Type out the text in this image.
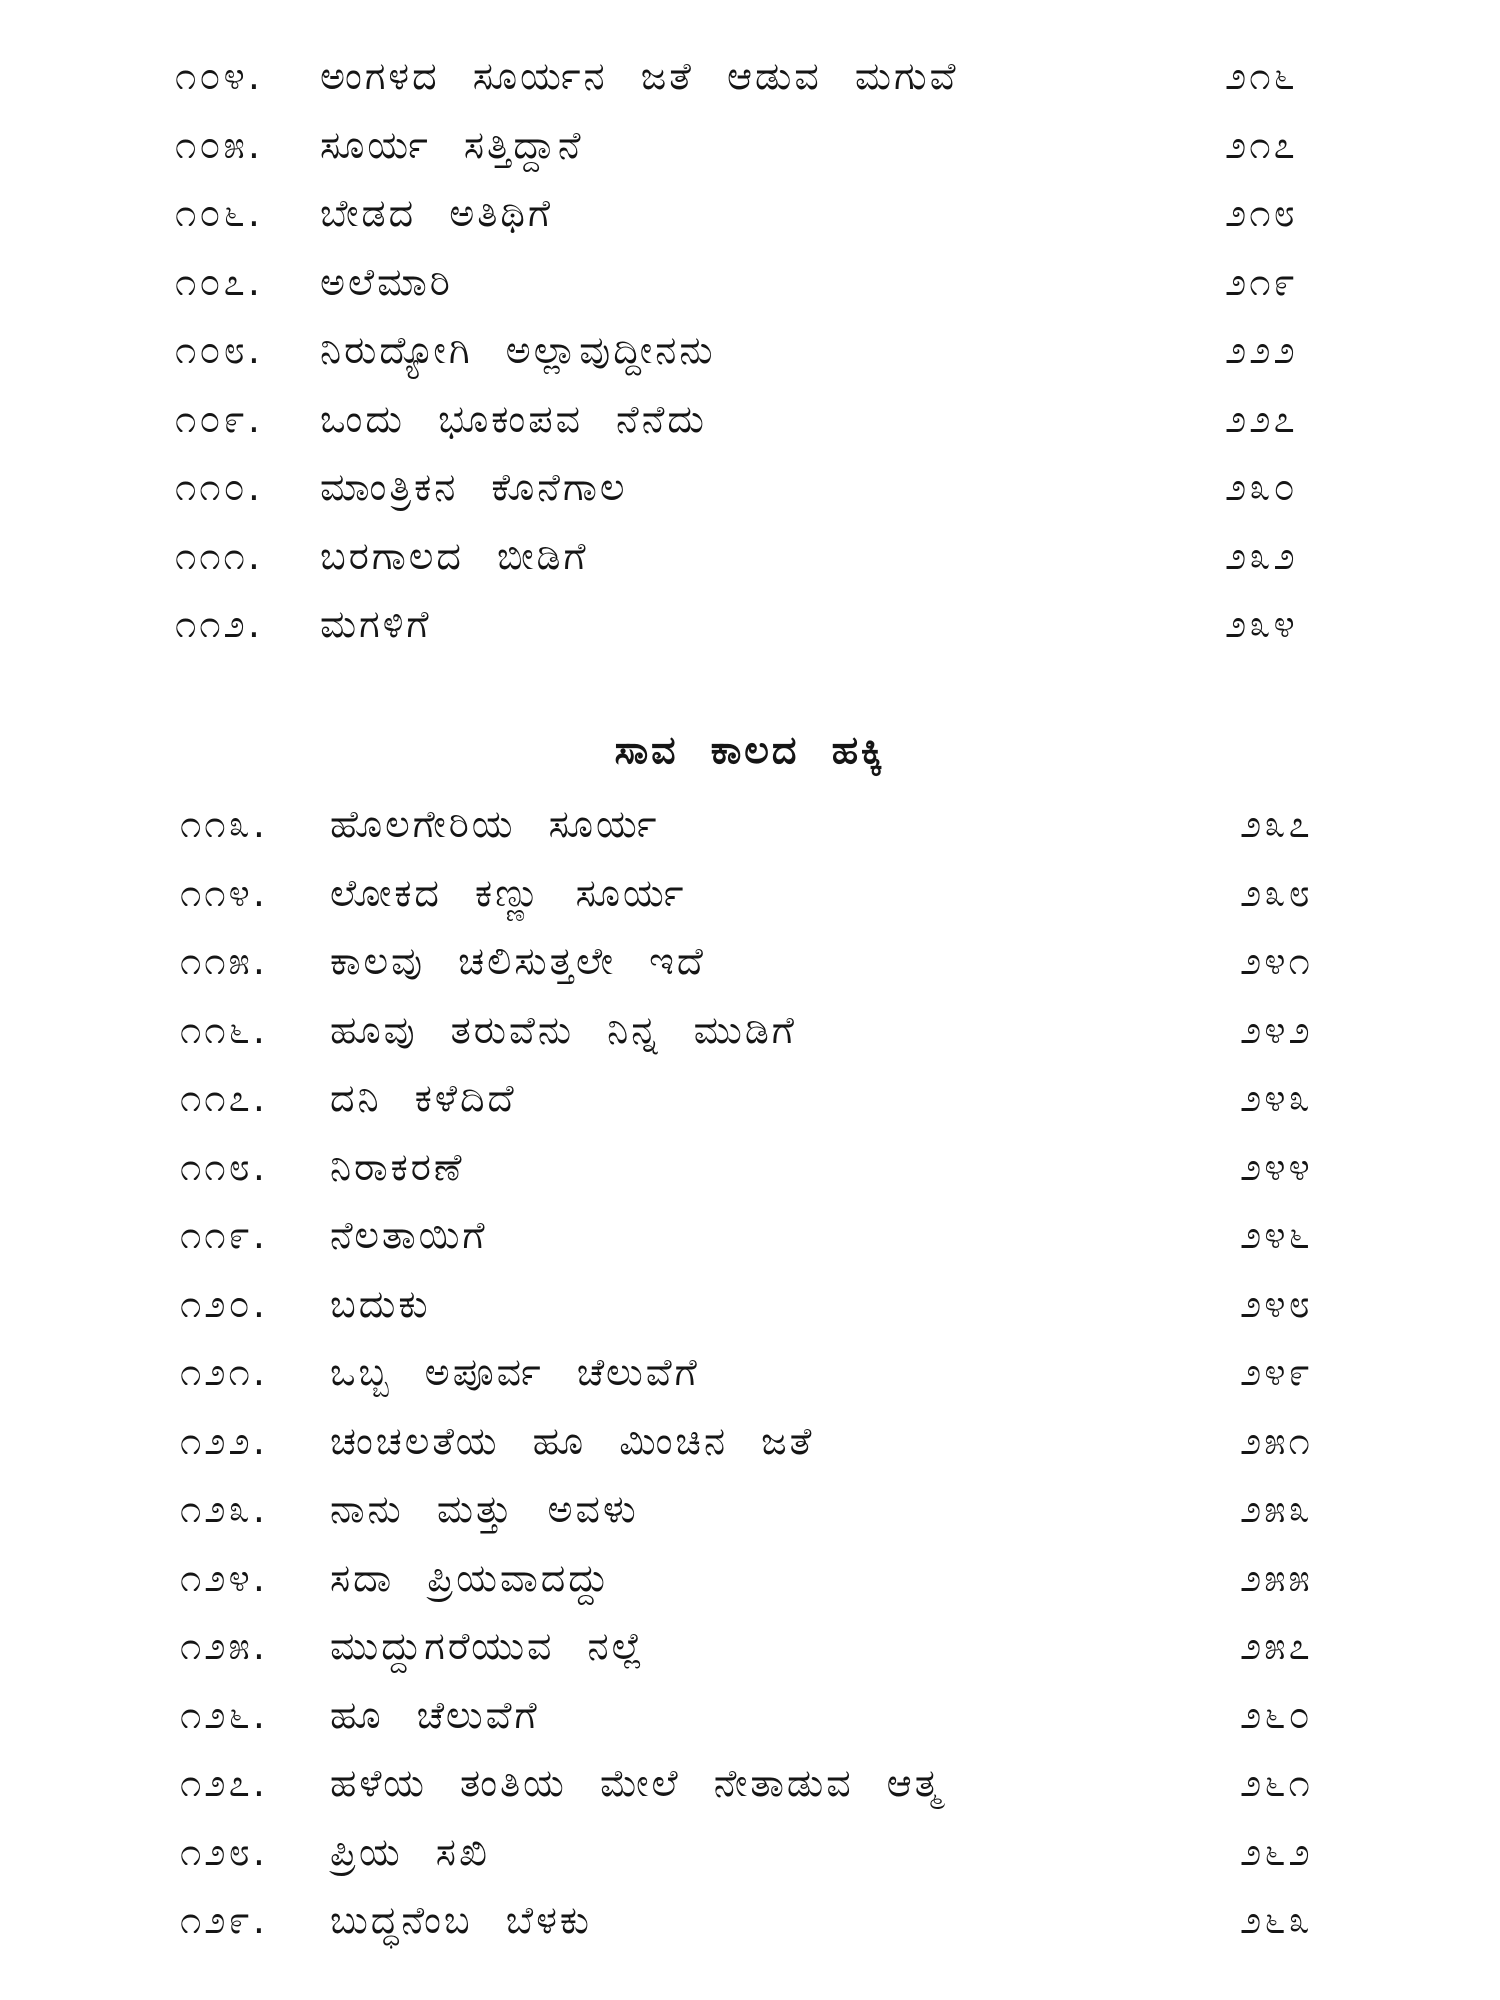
೧೦೪.	ಅಂಗಳದ ಸೂರ್ಯನ ಜತೆ ಆಡುವ ಮಗುವೆ	೨೧೬
೧೦೫.	ಸೂರ್ಯ ಸತ್ತಿದ್ದಾನೆ	೨೧೭
೧೦೬.	ಬೇಡದ ಅತಿಥಿಗೆ	೨೧೮
೧೦೭.	ಅಲೆಮಾರಿ	೨೧೯
೧೦೮.	ನಿರುದ್ಯೋಗಿ ಅಲ್ಲಾವುದ್ದೀನನು	೨೨೨
೧೦೯.	ಒಂದು ಭೂಕಂಪವ ನೆನೆದು	೨೨೭
೧೧೦.	ಮಾಂತ್ರಿಕನ ಕೊನೆಗಾಲ	೨೩೦
೧೧೧.	ಬರಗಾಲದ ಬೀಡಿಗೆ	೨೩೨
೧೧೨.	ಮಗಳಿಗೆ	೨೩೪
ಸಾವ ಕಾಲದ ಹಕ್ಕಿ
೧೧೩.	ಹೊಲಗೇರಿಯ ಸೂರ್ಯ	೨೩೭
೧೧೪.	ಲೋಕದ ಕಣ್ಣು ಸೂರ್ಯ	೨೩೮
೧೧೫.	ಕಾಲವು ಚಲಿಸುತ್ತಲೇ ಇದೆ	೨೪೧
೧೧೬.	ಹೂವು ತರುವೆನು ನಿನ್ನ ಮುಡಿಗೆ	೨೪೨
೧೧೭.	ದನಿ ಕಳೆದಿದೆ	೨೪೩
೧೧೮.	ನಿರಾಕರಣೆ	೨೪೪
೧೧೯.	ನೆಲತಾಯಿಗೆ	೨೪೬
೧೨೦.	ಬದುಕು	೨೪೮
೧೨೧.	ಒಬ್ಬ ಅಪೂರ್ವ ಚೆಲುವೆಗೆ	೨೪೯
೧೨೨.	ಚಂಚಲತೆಯ ಹೂ ಮಿಂಚಿನ ಜತೆ	೨೫೧
೧೨೩.	ನಾನು ಮತ್ತು ಅವಳು	೨೫೩
೧೨೪.	ಸದಾ ಪ್ರಿಯವಾದದ್ದು	೨೫೫
೧೨೫.	ಮುದ್ದುಗರೆಯುವ ನಲ್ಲೆ	೨೫೭
೧೨೬.	ಹೂ ಚೆಲುವೆಗೆ	೨೬೦
೧೨೭.	ಹಳೆಯ ತಂತಿಯ ಮೇಲೆ ನೇತಾಡುವ ಆತ್ಮ	೨೬೧
೧೨೮.	ಪ್ರಿಯ ಸಖಿ	೨೬೨
೧೨೯.	ಬುದ್ಧನೆಂಬ ಬೆಳಕು	೨೬೩
